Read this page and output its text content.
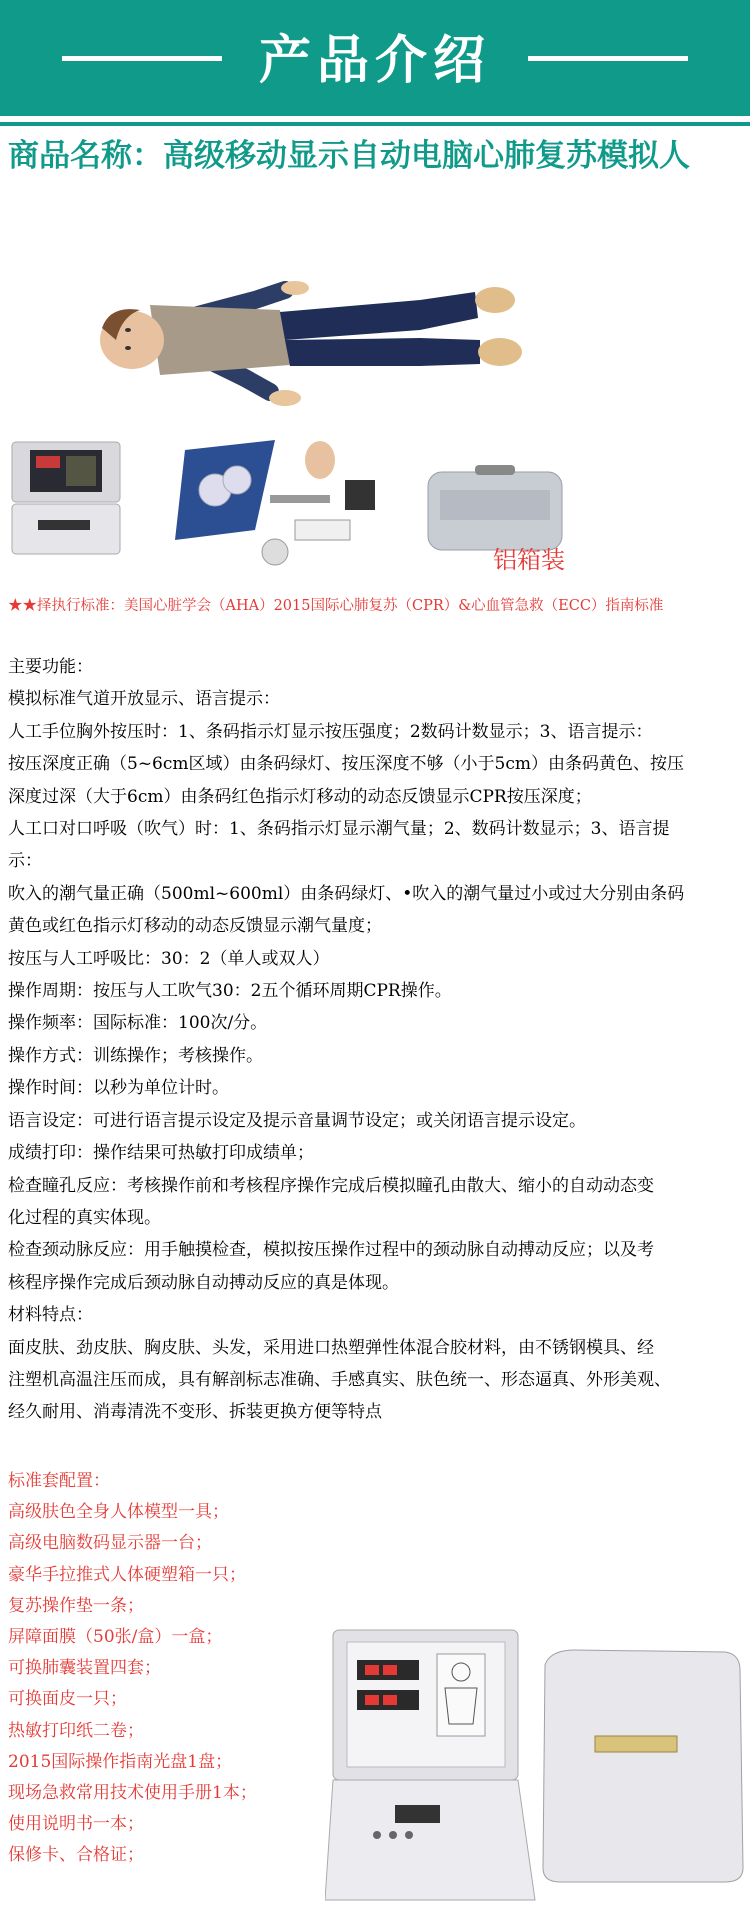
产品介绍
商品名称：高级移动显示自动电脑心肺复苏模拟人
铝箱装
★★择执行标准：美国心脏学会（AHA）2015国际心肺复苏（CPR）&心血管急救（ECC）指南标准

主要功能：

模拟标准气道开放显示、语言提示：

人工手位胸外按压时：1、条码指示灯显示按压强度；2数码计数显示；3、语言提示：

按压深度正确（5~6cm区域）由条码绿灯、按压深度不够（小于5cm）由条码黄色、按压

深度过深（大于6cm）由条码红色指示灯移动的动态反馈显示CPR按压深度；

人工口对口呼吸（吹气）时：1、条码指示灯显示潮气量；2、数码计数显示；3、语言提

示：

吹入的潮气量正确（500ml~600ml）由条码绿灯、•吹入的潮气量过小或过大分别由条码

黄色或红色指示灯移动的动态反馈显示潮气量度；

按压与人工呼吸比：30：2（单人或双人）

操作周期：按压与人工吹气30：2五个循环周期CPR操作。

操作频率：国际标准：100次/分。

操作方式：训练操作；考核操作。

操作时间：以秒为单位计时。

语言设定：可进行语言提示设定及提示音量调节设定；或关闭语言提示设定。

成绩打印：操作结果可热敏打印成绩单；

检查瞳孔反应：考核操作前和考核程序操作完成后模拟瞳孔由散大、缩小的自动动态变

化过程的真实体现。

检查颈动脉反应：用手触摸检查，模拟按压操作过程中的颈动脉自动搏动反应；以及考

核程序操作完成后颈动脉自动搏动反应的真是体现。

材料特点：

面皮肤、劲皮肤、胸皮肤、头发，采用进口热塑弹性体混合胶材料，由不锈钢模具、经

注塑机高温注压而成，具有解剖标志准确、手感真实、肤色统一、形态逼真、外形美观、

经久耐用、消毒清洗不变形、拆装更换方便等特点

标准套配置：

高级肤色全身人体模型一具；

高级电脑数码显示器一台；

豪华手拉推式人体硬塑箱一只；

复苏操作垫一条；

屏障面膜（50张/盒）一盒；

可换肺囊装置四套；

可换面皮一只；

热敏打印纸二卷；

2015国际操作指南光盘1盘；

现场急救常用技术使用手册1本；

使用说明书一本；

保修卡、合格证；
